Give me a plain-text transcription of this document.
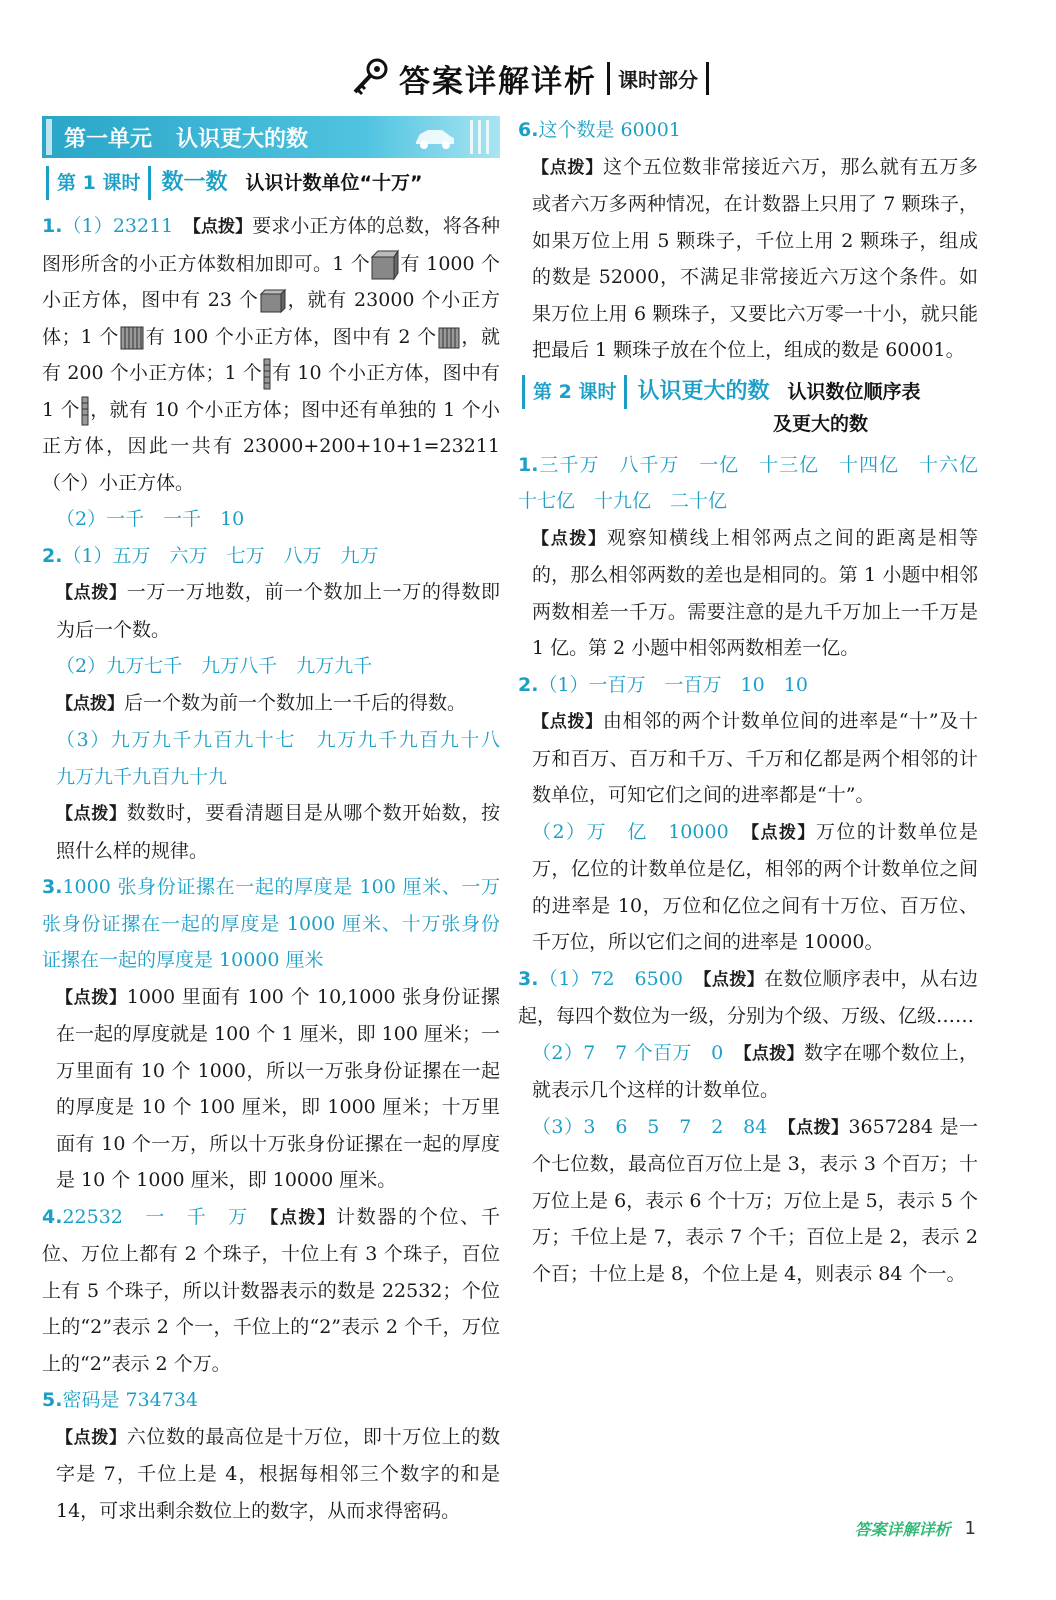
答案详解详析	课时部分
第一单元 认识更大的数
第 1 课时 数一数 认识计数单位“十万”
1.（1）23211　 【点拨】要求小正方体的总数，将各种图形所含的小正方体数相加即可。1 个 有 1000 个小正方体，图中有 23 个 ，就有 23000 个小正方体；1 个 有 100 个小正方体，图中有 2 个 ，就有 200 个小正方体；1 个 有 10 个小正方体，图中有 1 个 ，就有 10 个小正方体；图中还有单独的 1 个小正方体，因此一共有 23000+200+10+1=23211（个）小正方体。
（2）一千　一千　10
2.（1）五万　六万　七万　八万　九万
【点拨】一万一万地数，前一个数加上一万的得数即为后一个数。
（2）九万七千　九万八千　九万九千
【点拨】后一个数为前一个数加上一千后的得数。
（3）九万九千九百九十七　九万九千九百九十八　九万九千九百九十九
【点拨】数数时，要看清题目是从哪个数开始数，按照什么样的规律。
3.1000 张身份证摞在一起的厚度是 100 厘米、一万张身份证摞在一起的厚度是 1000 厘米、十万张身份证摞在一起的厚度是 10000 厘米
【点拨】1000 里面有 100 个 10,1000 张身份证摞在一起的厚度就是 100 个 1 厘米，即 100 厘米；一万里面有 10 个 1000，所以一万张身份证摞在一起的厚度是 10 个 100 厘米，即 1000 厘米；十万里面有 10 个一万，所以十万张身份证摞在一起的厚度是 10 个 1000 厘米，即 10000 厘米。
4.22532　一　千　万　 【点拨】计数器的个位、千位、万位上都有 2 个珠子，十位上有 3 个珠子，百位上有 5 个珠子，所以计数器表示的数是 22532；个位上的“2”表示 2 个一，千位上的“2”表示 2 个千，万位上的“2”表示 2 个万。
5.密码是 734734
【点拨】六位数的最高位是十万位，即十万位上的数字是 7，千位上是 4，根据每相邻三个数字的和是 14，可求出剩余数位上的数字，从而求得密码。
6.这个数是 60001
【点拨】这个五位数非常接近六万，那么就有五万多或者六万多两种情况，在计数器上只用了 7 颗珠子，如果万位上用 5 颗珠子，千位上用 2 颗珠子，组成的数是 52000，不满足非常接近六万这个条件。如果万位上用 6 颗珠子，又要比六万零一十小，就只能把最后 1 颗珠子放在个位上，组成的数是 60001。
第 2 课时 认识更大的数 认识数位顺序表
及更大的数
1.三千万　八千万　一亿　十三亿　十四亿　十六亿　十七亿　十九亿　二十亿
【点拨】观察知横线上相邻两点之间的距离是相等的，那么相邻两数的差也是相同的。第 1 小题中相邻两数相差一千万。需要注意的是九千万加上一千万是 1 亿。第 2 小题中相邻两数相差一亿。
2.（1）一百万　一百万　10　10
【点拨】由相邻的两个计数单位间的进率是“十”及十万和百万、百万和千万、千万和亿都是两个相邻的计数单位，可知它们之间的进率都是“十”。
（2）万　亿　10000　 【点拨】万位的计数单位是万，亿位的计数单位是亿，相邻的两个计数单位之间的进率是 10，万位和亿位之间有十万位、百万位、千万位，所以它们之间的进率是 10000。
3.（1）72　6500　 【点拨】在数位顺序表中，从右边起，每四个数位为一级，分别为个级、万级、亿级……
（2）7　7 个百万　0　 【点拨】数字在哪个数位上，就表示几个这样的计数单位。
（3）3　6　5　7　2　84　 【点拨】3657284 是一个七位数，最高位百万位上是 3，表示 3 个百万；十万位上是 6，表示 6 个十万；万位上是 5，表示 5 个万；千位上是 7，表示 7 个千；百位上是 2，表示 2 个百；十位上是 8，个位上是 4，则表示 84 个一。
答案详解详析 1
